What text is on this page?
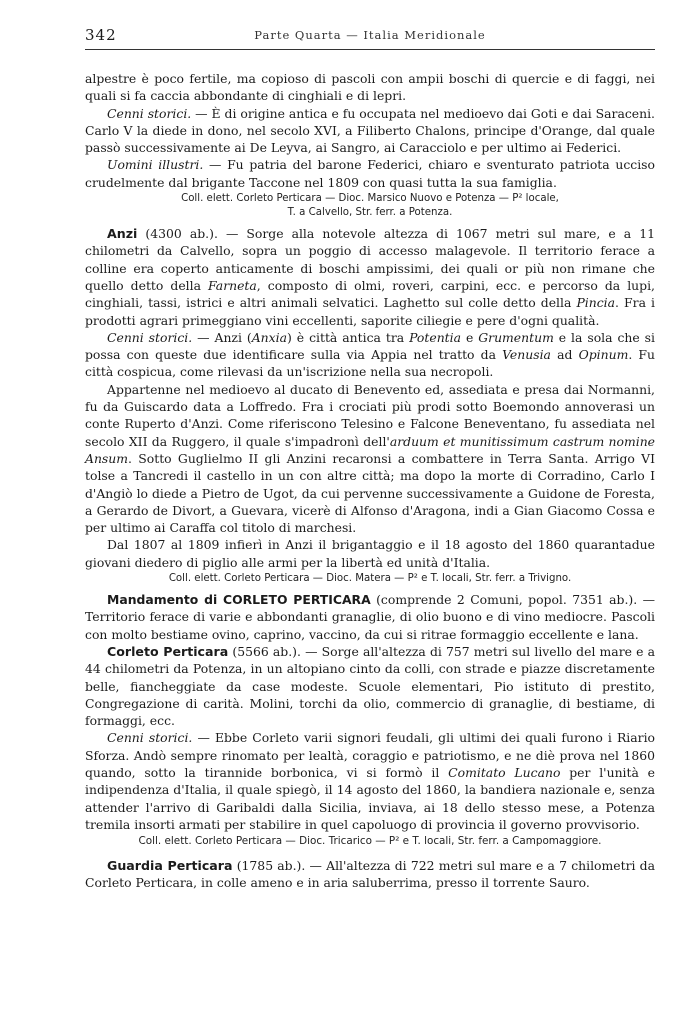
342	Parte Quarta — Italia Meridionale

alpestre è poco fertile, ma copioso di pascoli con ampii boschi di quercie e di faggi, nei quali si fa caccia abbondante di cinghiali e di lepri.

Cenni storici. — È di origine antica e fu occupata nel medioevo dai Goti e dai Saraceni. Carlo V la diede in dono, nel secolo XVI, a Filiberto Chalons, principe d'Orange, dal quale passò successivamente ai De Leyva, ai Sangro, ai Caracciolo e per ultimo ai Federici.

Uomini illustri. — Fu patria del barone Federici, chiaro e sventurato patriota ucciso crudelmente dal brigante Taccone nel 1809 con quasi tutta la sua famiglia.

Coll. elett. Corleto Perticara — Dioc. Marsico Nuovo e Potenza — P² locale,
T. a Calvello, Str. ferr. a Potenza.

Anzi (4300 ab.). — Sorge alla notevole altezza di 1067 metri sul mare, e a 11 chilometri da Calvello, sopra un poggio di accesso malagevole. Il territorio ferace a colline era coperto anticamente di boschi ampissimi, dei quali or più non rimane che quello detto della Farneta, composto di olmi, roveri, carpini, ecc. e percorso da lupi, cinghiali, tassi, istrici e altri animali selvatici. Laghetto sul colle detto della Pincia. Fra i prodotti agrari primeggiano vini eccellenti, saporite ciliegie e pere d'ogni qualità.

Cenni storici. — Anzi (Anxia) è città antica tra Potentia e Grumentum e la sola che si possa con queste due identificare sulla via Appia nel tratto da Venusia ad Opinum. Fu città cospicua, come rilevasi da un'iscrizione nella sua necropoli.

Appartenne nel medioevo al ducato di Benevento ed, assediata e presa dai Normanni, fu da Guiscardo data a Loffredo. Fra i crociati più prodi sotto Boemondo annoverasi un conte Ruperto d'Anzi. Come riferiscono Telesino e Falcone Beneventano, fu assediata nel secolo XII da Ruggero, il quale s'impadronì dell'arduum et munitissimum castrum nomine Ansum. Sotto Guglielmo II gli Anzini recaronsi a combattere in Terra Santa. Arrigo VI tolse a Tancredi il castello in un con altre città; ma dopo la morte di Corradino, Carlo I d'Angiò lo diede a Pietro de Ugot, da cui pervenne successivamente a Guidone de Foresta, a Gerardo de Divort, a Guevara, vicerè di Alfonso d'Aragona, indi a Gian Giacomo Cossa e per ultimo ai Caraffa col titolo di marchesi.

Dal 1807 al 1809 infierì in Anzi il brigantaggio e il 18 agosto del 1860 quarantadue giovani diedero di piglio alle armi per la libertà ed unità d'Italia.

Coll. elett. Corleto Perticara — Dioc. Matera — P² e T. locali, Str. ferr. a Trivigno.

Mandamento di CORLETO PERTICARA (comprende 2 Comuni, popol. 7351 ab.). — Territorio ferace di varie e abbondanti granaglie, di olio buono e di vino mediocre. Pascoli con molto bestiame ovino, caprino, vaccino, da cui si ritrae formaggio eccellente e lana.

Corleto Perticara (5566 ab.). — Sorge all'altezza di 757 metri sul livello del mare e a 44 chilometri da Potenza, in un altopiano cinto da colli, con strade e piazze discretamente belle, fiancheggiate da case modeste. Scuole elementari, Pio istituto di prestito, Congregazione di carità. Molini, torchi da olio, commercio di granaglie, di bestiame, di formaggi, ecc.

Cenni storici. — Ebbe Corleto varii signori feudali, gli ultimi dei quali furono i Riario Sforza. Andò sempre rinomato per lealtà, coraggio e patriotismo, e ne diè prova nel 1860 quando, sotto la tirannide borbonica, vi si formò il Comitato Lucano per l'unità e indipendenza d'Italia, il quale spiegò, il 14 agosto del 1860, la bandiera nazionale e, senza attender l'arrivo di Garibaldi dalla Sicilia, inviava, ai 18 dello stesso mese, a Potenza tremila insorti armati per stabilire in quel capoluogo di provincia il governo provvisorio.

Coll. elett. Corleto Perticara — Dioc. Tricarico — P² e T. locali, Str. ferr. a Campomaggiore.

Guardia Perticara (1785 ab.). — All'altezza di 722 metri sul mare e a 7 chilometri da Corleto Perticara, in colle ameno e in aria saluberrima, presso il torrente Sauro.
